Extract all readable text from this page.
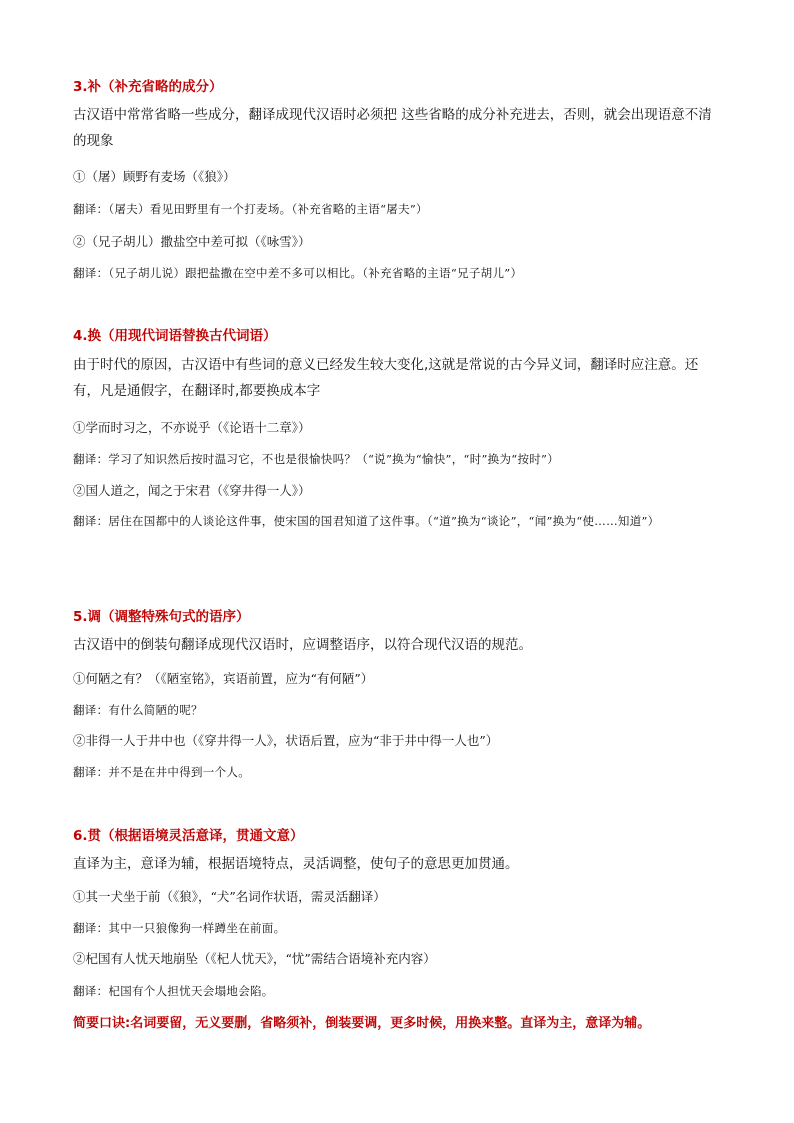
3.补（补充省略的成分）
古汉语中常常省略一些成分，翻译成现代汉语时必须把 这些省略的成分补充进去，否则，就会出现语意不清的现象
①（屠）顾野有麦场（《狼》）
翻译：（屠夫）看见田野里有一个打麦场。（补充省略的主语“屠夫”）
②（兄子胡儿）撒盐空中差可拟（《咏雪》）
翻译：（兄子胡儿说）跟把盐撒在空中差不多可以相比。（补充省略的主语“兄子胡儿”）
4.换（用现代词语替换古代词语）
由于时代的原因，古汉语中有些词的意义已经发生较大变化,这就是常说的古今异义词，翻译时应注意。还有，凡是通假字，在翻译时,都要换成本字
①学而时习之，不亦说乎（《论语十二章》）
翻译：学习了知识然后按时温习它，不也是很愉快吗？（“说”换为“愉快”，“时”换为“按时”）
②国人道之，闻之于宋君（《穿井得一人》）
翻译：居住在国都中的人谈论这件事，使宋国的国君知道了这件事。（“道”换为“谈论”，“闻”换为“使……知道”）
5.调（调整特殊句式的语序）
古汉语中的倒装句翻译成现代汉语时，应调整语序，以符合现代汉语的规范。
①何陋之有？（《陋室铭》，宾语前置，应为“有何陋”）
翻译：有什么简陋的呢？
②非得一人于井中也（《穿井得一人》，状语后置，应为“非于井中得一人也”）
翻译：并不是在井中得到一个人。
6.贯（根据语境灵活意译，贯通文意）
直译为主，意译为辅，根据语境特点，灵活调整，使句子的意思更加贯通。
①其一犬坐于前（《狼》，“犬”名词作状语，需灵活翻译）
翻译：其中一只狼像狗一样蹲坐在前面。
②杞国有人忧天地崩坠（《杞人忧天》，“忧”需结合语境补充内容）
翻译：杞国有个人担忧天会塌地会陷。
简要口诀:名词要留，无义要删，省略须补，倒装要调，更多时候，用换来整。直译为主，意译为辅。
